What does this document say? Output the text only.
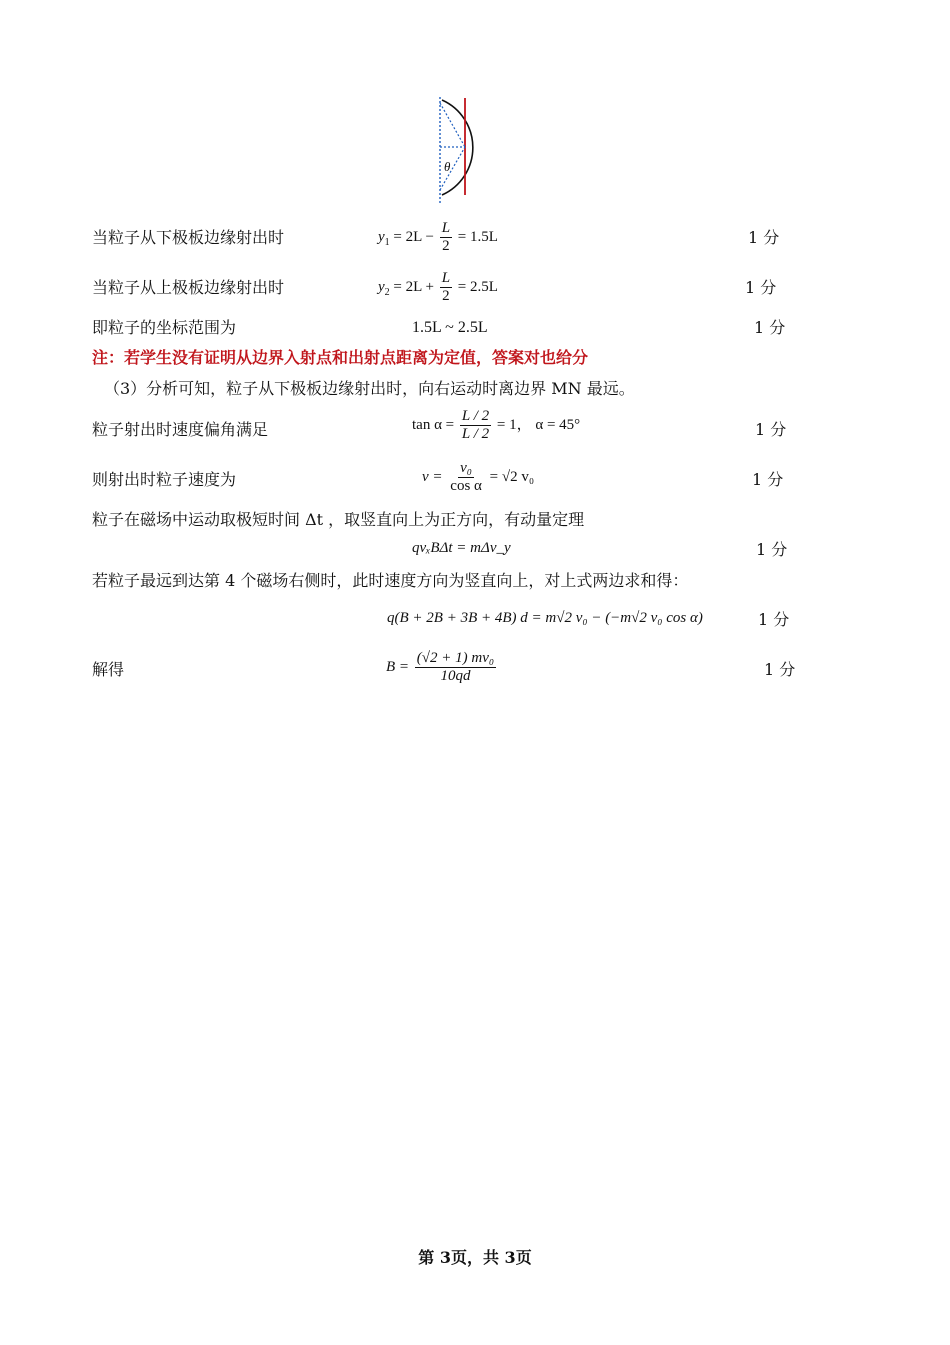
θ
当粒子从下极板边缘射出时	$y_1 = 2L - \frac{L}{2} = 1.5L$	1 分
当粒子从上极板边缘射出时	$y_2 = 2L + \frac{L}{2} = 2.5L$	1 分
即粒子的坐标范围为	1.5L ~ 2.5L	1 分
注：若学生没有证明从边界入射点和出射点距离为定值，答案对也给分
（3）分析可知，粒子从下极板边缘射出时，向右运动时离边界 MN 最远。
粒子射出时速度偏角满足	$\tan \alpha = \frac{L / 2}{L / 2} = 1$， α = 45°	1 分
则射出时粒子速度为	$v = \frac{\text{v₀}}{\text{cos α}} = √2$ v₀	1 分
粒子在磁场中运动取极短时间 Δt ，取竖直向上为正方向，有动量定理
qvₓBΔt = mΔv_y	1 分
若粒子最远到达第 4 个磁场右侧时，此时速度方向为竖直向上，对上式两边求和得：
q(B + 2B + 3B + 4B) d = m√2 v₀ − (−m√2 v₀ cos α)	1 分
解得	$B = \frac{\text{(√2 + 1) mv₀}}{10qd}$	1 分
第 3页，共 3页
